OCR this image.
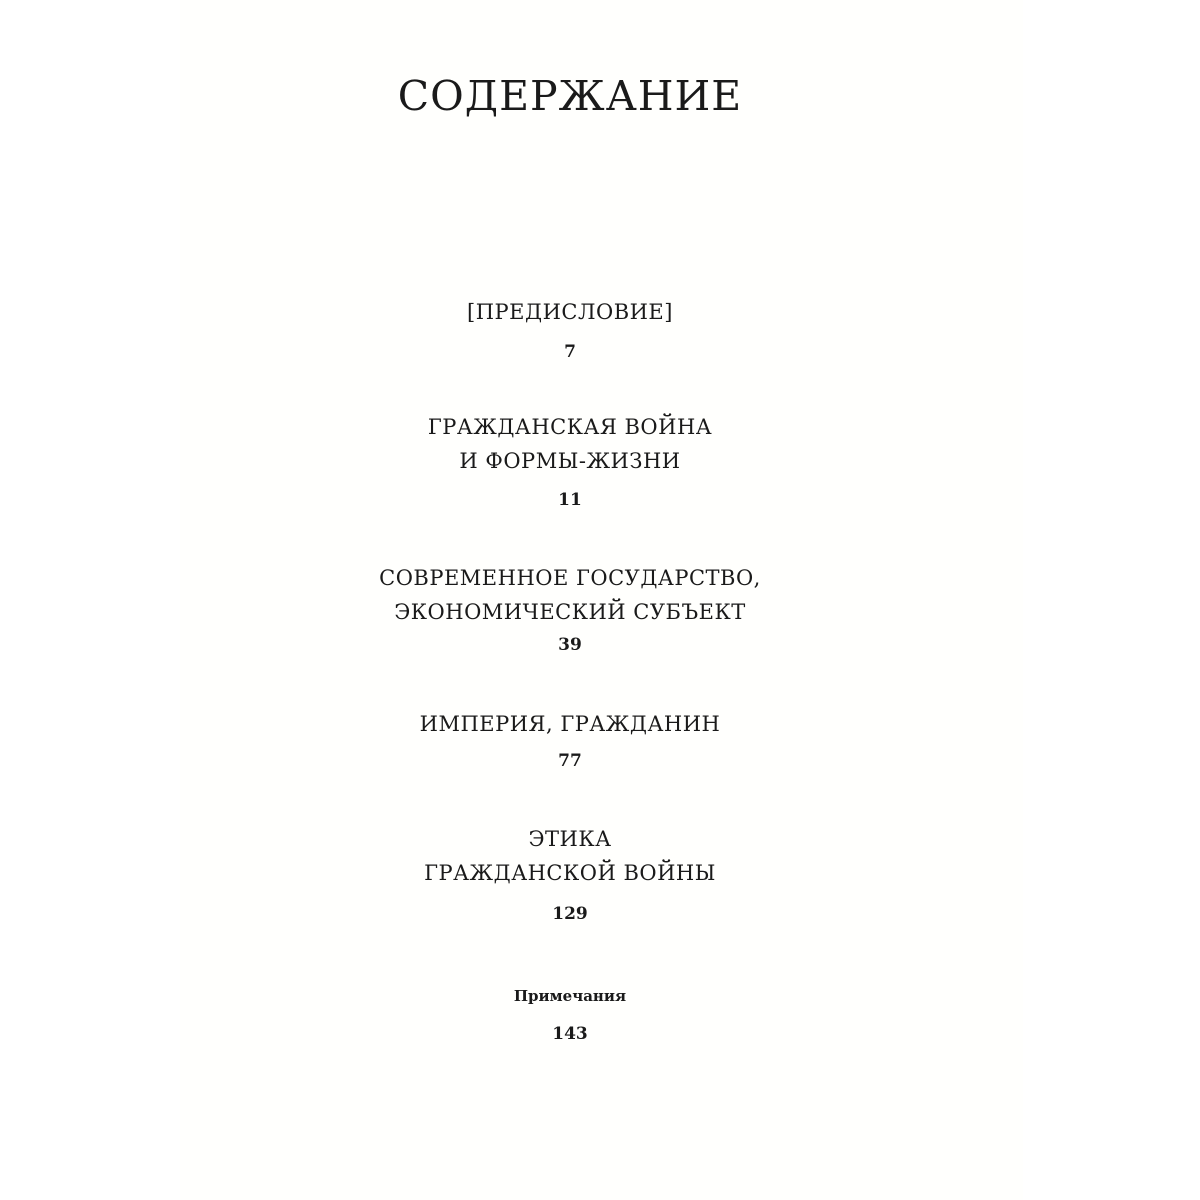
СОДЕРЖАНИЕ
[ПРЕДИСЛОВИЕ]
7
ГРАЖДАНСКАЯ ВОЙНА
И ФОРМЫ-ЖИЗНИ
11
СОВРЕМЕННОЕ ГОСУДАРСТВО,
ЭКОНОМИЧЕСКИЙ СУБЪЕКТ
39
ИМПЕРИЯ, ГРАЖДАНИН
77
ЭТИКА
ГРАЖДАНСКОЙ ВОЙНЫ
129
Примечания
143
